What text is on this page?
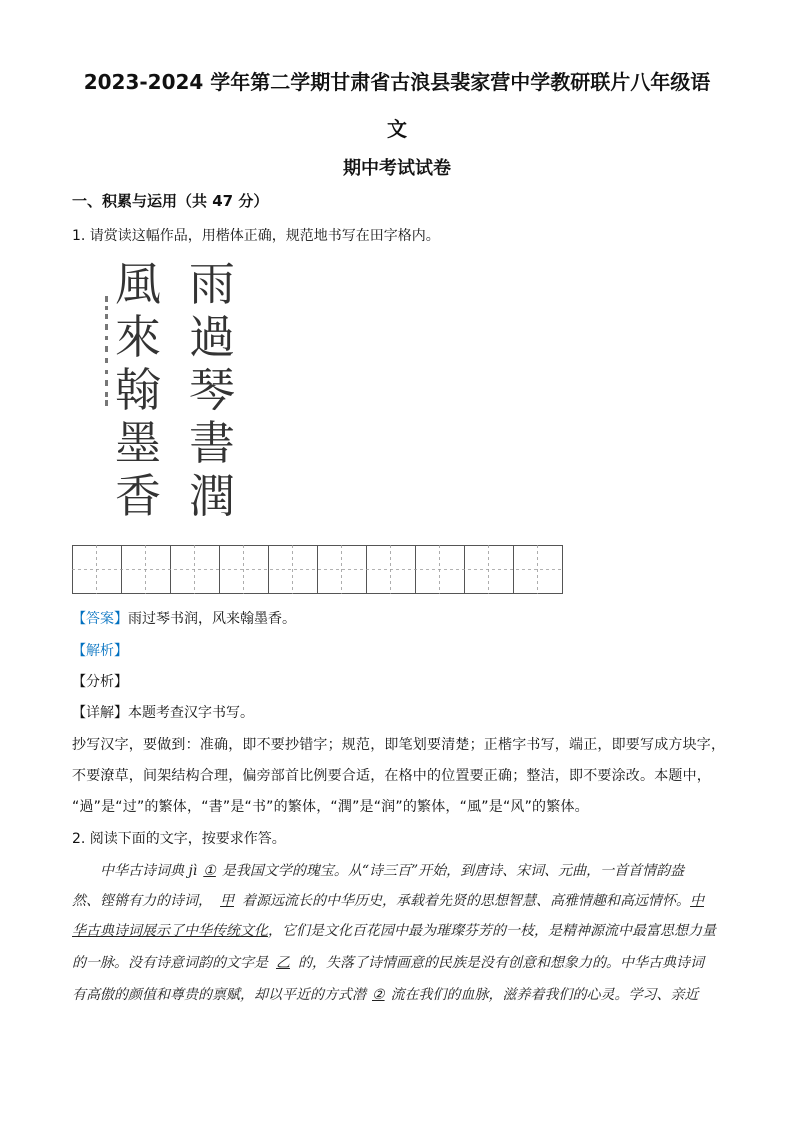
2023-2024 学年第二学期甘肃省古浪县裴家营中学教研联片八年级语
文
期中考试试卷
一、积累与运用（共 47 分）
1. 请赏读这幅作品，用楷体正确，规范地书写在田字格内。
雨
過
琴
書
潤
風
來
翰
墨
香
【答案】雨过琴书润，风来翰墨香。
【解析】
【分析】
【详解】本题考查汉字书写。
抄写汉字，要做到：准确，即不要抄错字；规范，即笔划要清楚；正楷字书写，端正，即要写成方块字，
不要潦草，间架结构合理，偏旁部首比例要合适，在格中的位置要正确；整洁，即不要涂改。本题中，
“過”是“过”的繁体，“書”是“书”的繁体，“潤”是“润”的繁体，“風”是“风”的繁体。
2. 阅读下面的文字，按要求作答。
中华古诗词典 jì ① 是我国文学的瑰宝。从“诗三百”开始，到唐诗、宋词、元曲，一首首情韵盎
然、铿锵有力的诗词， 甲 着源远流长的中华历史，承载着先贤的思想智慧、高雅情趣和高远情怀。中
华古典诗词展示了中华传统文化，它们是文化百花园中最为璀璨芬芳的一枝，是精神源流中最富思想力量
的一脉。没有诗意词韵的文字是 乙 的，失落了诗情画意的民族是没有创意和想象力的。中华古典诗词
有高傲的颜值和尊贵的禀赋，却以平近的方式潜 ② 流在我们的血脉，滋养着我们的心灵。学习、亲近
